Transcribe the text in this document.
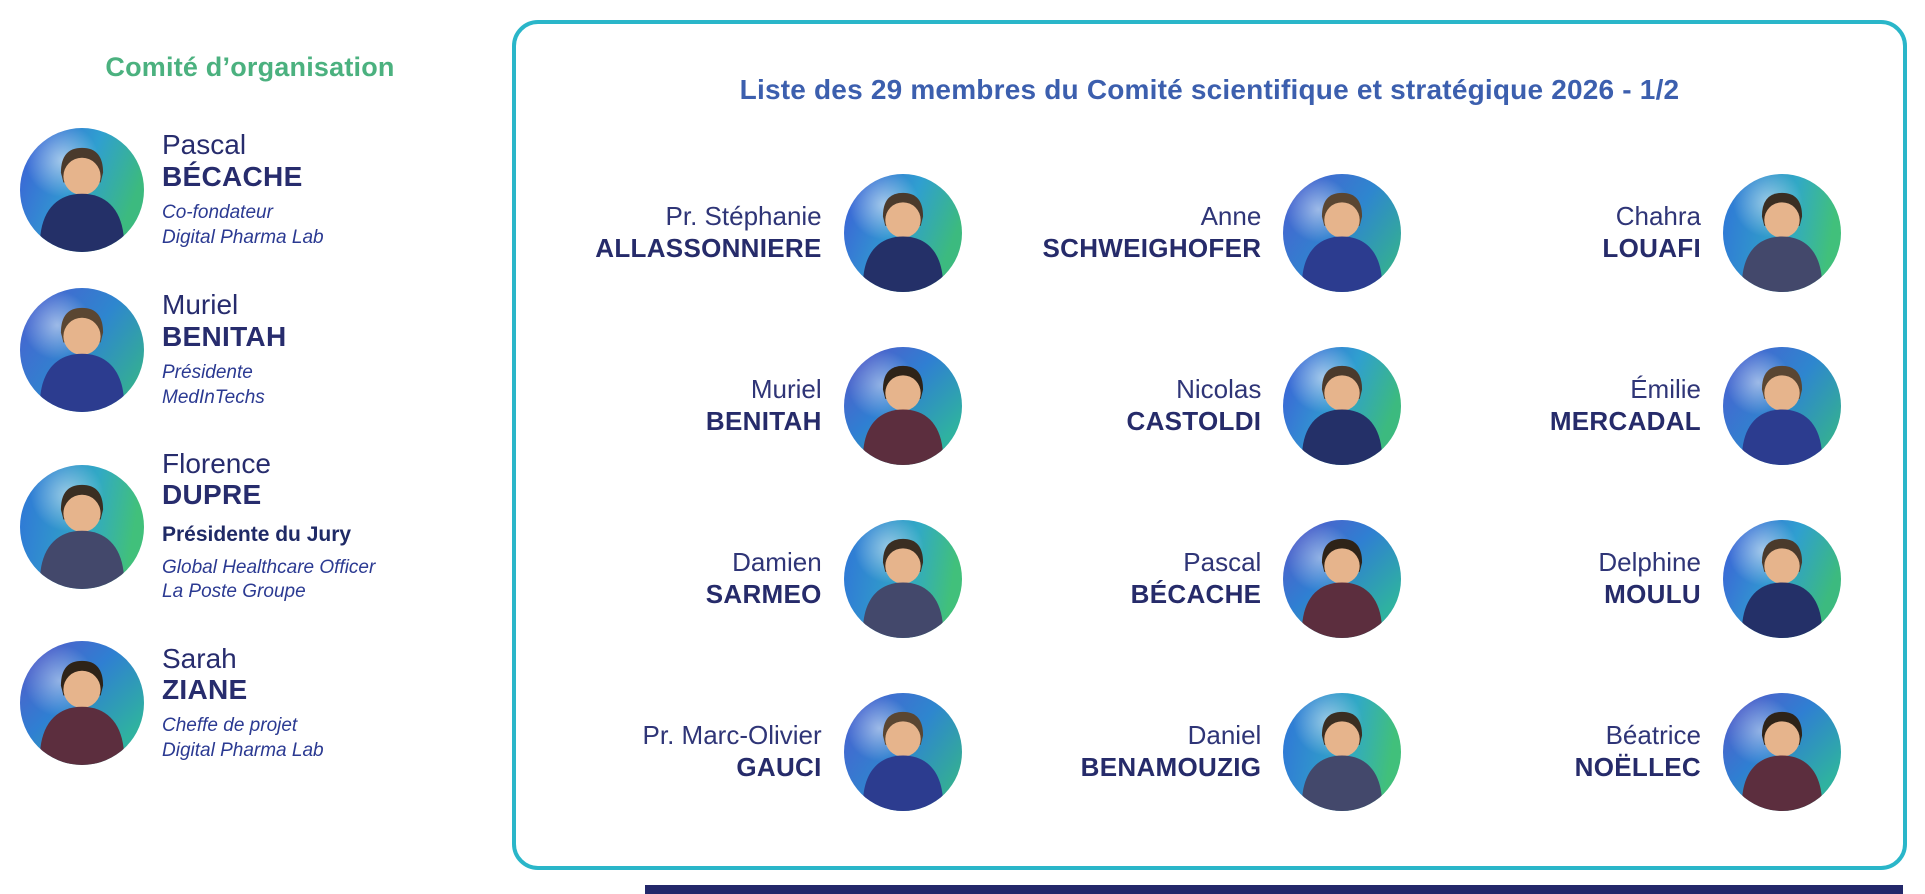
Comité d’organisation
Pascal
BÉCACHE
Co-fondateur
Digital Pharma Lab
Muriel
BENITAH
Présidente
MedInTechs
Florence
DUPRE
Présidente du Jury
Global Healthcare Officer
La Poste Groupe
Sarah
ZIANE
Cheffe de projet
Digital Pharma Lab
Liste des 29 membres du Comité scientifique et stratégique 2026 - 1/2
Pr. Stéphanie
ALLASSONNIERE
Anne
SCHWEIGHOFER
Chahra
LOUAFI
Muriel
BENITAH
Nicolas
CASTOLDI
Émilie
MERCADAL
Damien
SARMEO
Pascal
BÉCACHE
Delphine
MOULU
Pr. Marc-Olivier
GAUCI
Daniel
BENAMOUZIG
Béatrice
NOËLLEC
